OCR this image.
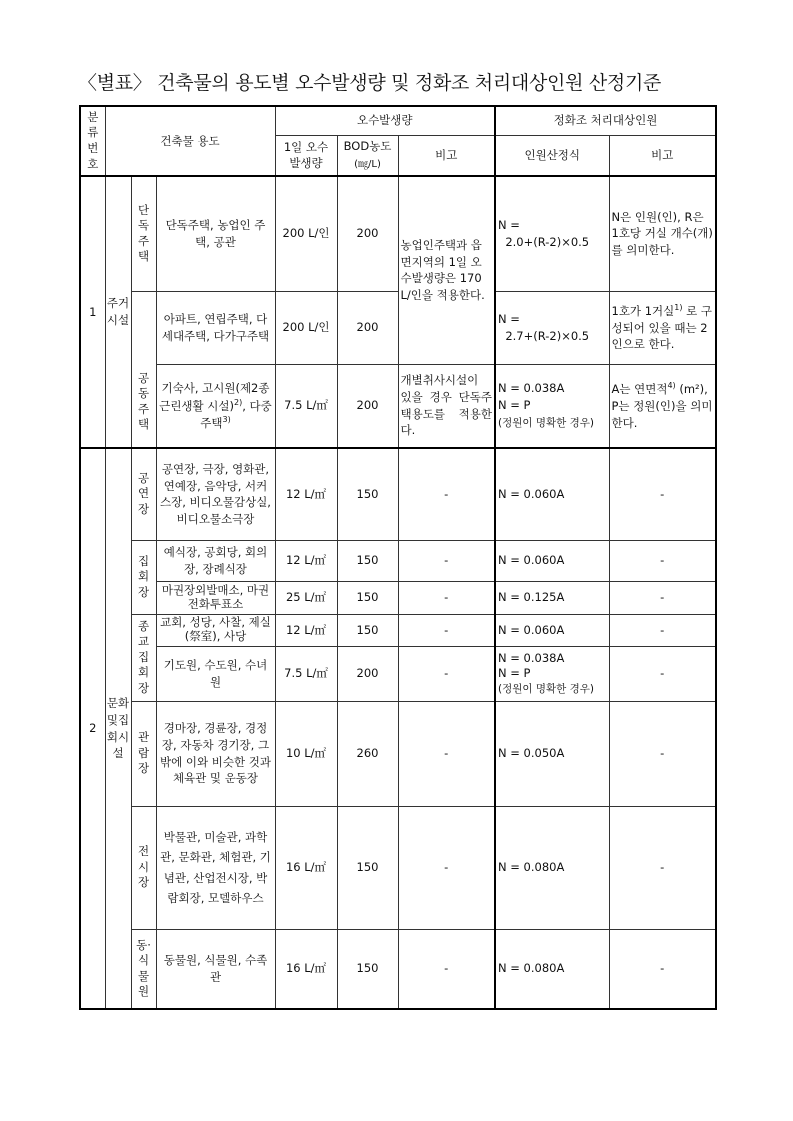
〈별표〉 건축물의 용도별 오수발생량 및 정화조 처리대상인원 산정기준
분류번호	건축물 용도			오수발생량			정화조 처리대상인원	
				1일 오수 발생량	BOD농도
(㎎/L)	비고	인원산정식	비고
1	주거시설	단독주택	단독주택, 농업인 주택, 공관	200 L/인	200	농업인주택과 읍면지역의 1일 오수발생량은 170 L/인을 적용한다.	N =
2.0+(R-2)×0.5	N은 인원(인), R은 1호당 거실 개수(개)를 의미한다.
		공동주택	아파트, 연립주택, 다세대주택, 다가구주택	200 L/인	200		N =
2.7+(R-2)×0.5	1호가 1거실$^{1)}$ 로 구성되어 있을 때는 2인으로 한다.
			기숙사, 고시원(제2종근린생활 시설)$^{2)}$, 다중주택$^{3)}$	7.5 L/㎡	200	개별취사시설이 있을 경우 단독주택용도를 적용한다.	N = 0.038A
N = P
(정원이 명확한 경우)	A는 연면적$^{4)}$ (m²), P는 정원(인)을 의미한다.
2	문화및집회시설	공연장	공연장, 극장, 영화관, 연예장, 음악당, 서커스장, 비디오물감상실, 비디오물소극장	12 L/㎡	150	-	N = 0.060A	-
		집회장	예식장, 공회당, 회의장, 장례식장	12 L/㎡	150	-	N = 0.060A	-
			마권장외발매소, 마권전화투표소	25 L/㎡	150	-	N = 0.125A	-
		종교집회장	교회, 성당, 사찰, 제실(祭室), 사당	12 L/㎡	150	-	N = 0.060A	-
			기도원, 수도원, 수녀원	7.5 L/㎡	200	-	N = 0.038A
N = P
(정원이 명확한 경우)	-
		관람장	경마장, 경륜장, 경정장, 자동차 경기장, 그 밖에 이와 비슷한 것과 체육관 및 운동장	10 L/㎡	260	-	N = 0.050A	-
		전시장	박물관, 미술관, 과학관, 문화관, 체험관, 기념관, 산업전시장, 박람회장, 모델하우스	16 L/㎡	150	-	N = 0.080A	-
		동·식물원	동물원, 식물원, 수족관	16 L/㎡	150	-	N = 0.080A	-
